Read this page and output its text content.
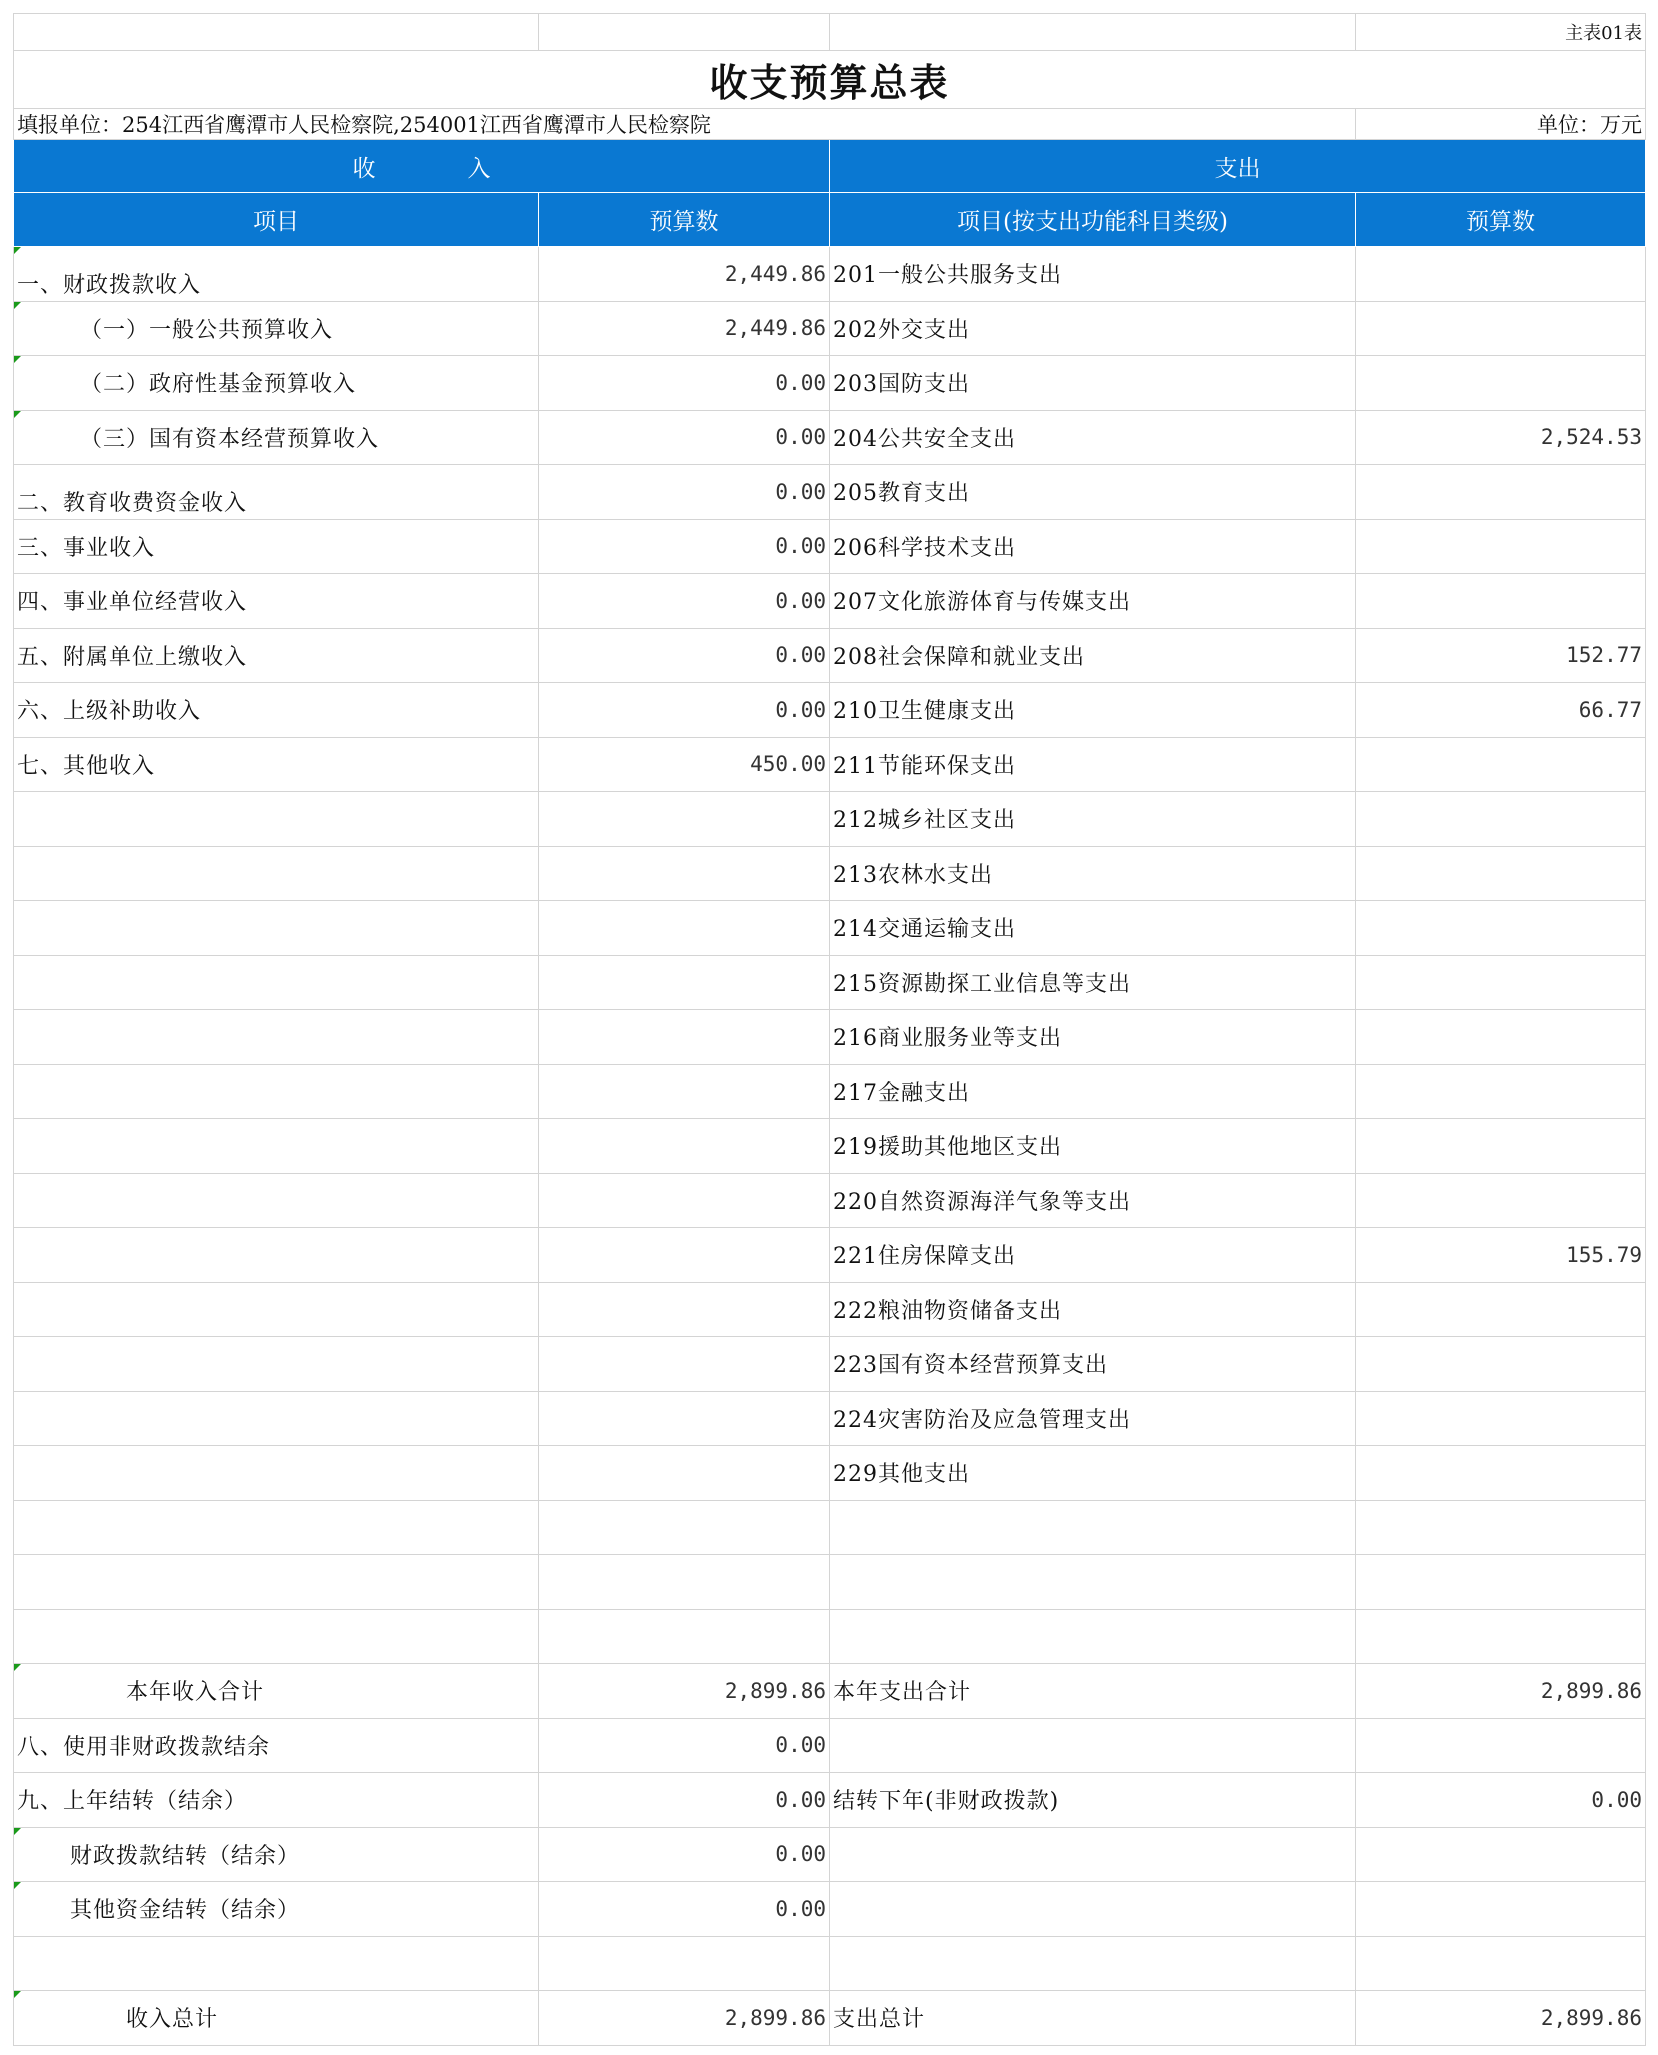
			主表01表
收支预算总表			
填报单位：254江西省鹰潭市人民检察院,254001江西省鹰潭市人民检察院			单位：万元
收　　　　入		支出	
项目	预算数	项目(按支出功能科目类级)	预算数
一、财政拨款收入	2,449.86	201一般公共服务支出	
（一）一般公共预算收入	2,449.86	202外交支出	
（二）政府性基金预算收入	0.00	203国防支出	
（三）国有资本经营预算收入	0.00	204公共安全支出	2,524.53
二、教育收费资金收入	0.00	205教育支出	
三、事业收入	0.00	206科学技术支出	
四、事业单位经营收入	0.00	207文化旅游体育与传媒支出	
五、附属单位上缴收入	0.00	208社会保障和就业支出	152.77
六、上级补助收入	0.00	210卫生健康支出	66.77
七、其他收入	450.00	211节能环保支出	
		212城乡社区支出	
		213农林水支出	
		214交通运输支出	
		215资源勘探工业信息等支出	
		216商业服务业等支出	
		217金融支出	
		219援助其他地区支出	
		220自然资源海洋气象等支出	
		221住房保障支出	155.79
		222粮油物资储备支出	
		223国有资本经营预算支出	
		224灾害防治及应急管理支出	
		229其他支出	

本年收入合计	2,899.86	本年支出合计	2,899.86
八、使用非财政拨款结余	0.00		
九、上年结转（结余）	0.00	结转下年(非财政拨款)	0.00
财政拨款结转（结余）	0.00		
其他资金结转（结余）	0.00		

收入总计	2,899.86	支出总计	2,899.86
